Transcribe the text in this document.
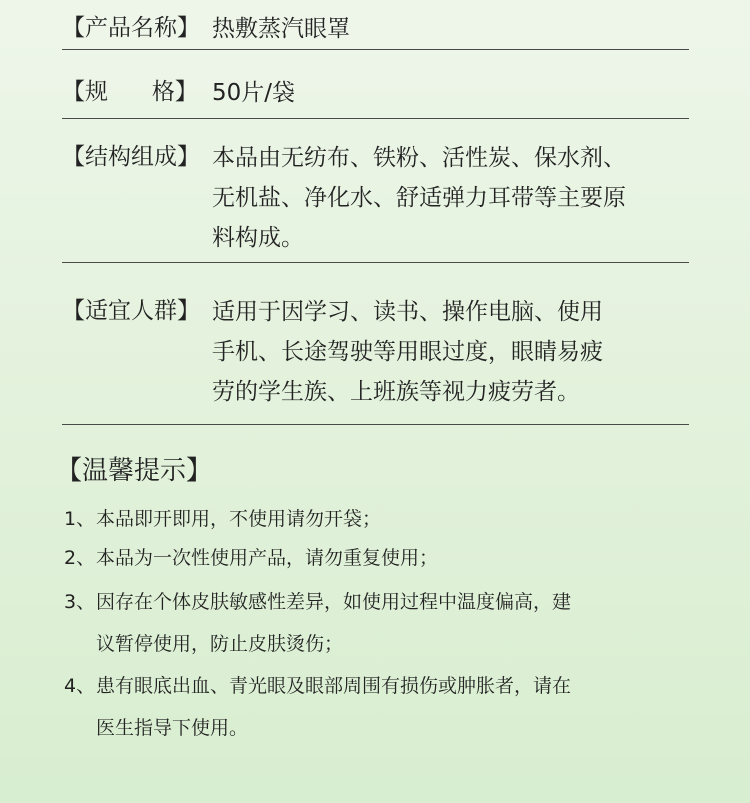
【产品名称】 热敷蒸汽眼罩
【规      格】 50片/袋
【结构组成】 本品由无纺布、铁粉、活性炭、保水剂、
无机盐、净化水、舒适弹力耳带等主要原
料构成。
【适宜人群】 适用于因学习、读书、操作电脑、使用
手机、长途驾驶等用眼过度，眼睛易疲
劳的学生族、上班族等视力疲劳者。
【温馨提示】
1、本品即开即用，不使用请勿开袋；
2、本品为一次性使用产品，请勿重复使用；
3、因存在个体皮肤敏感性差异，如使用过程中温度偏高，建
议暂停使用，防止皮肤烫伤；
4、患有眼底出血、青光眼及眼部周围有损伤或肿胀者，请在
医生指导下使用。
